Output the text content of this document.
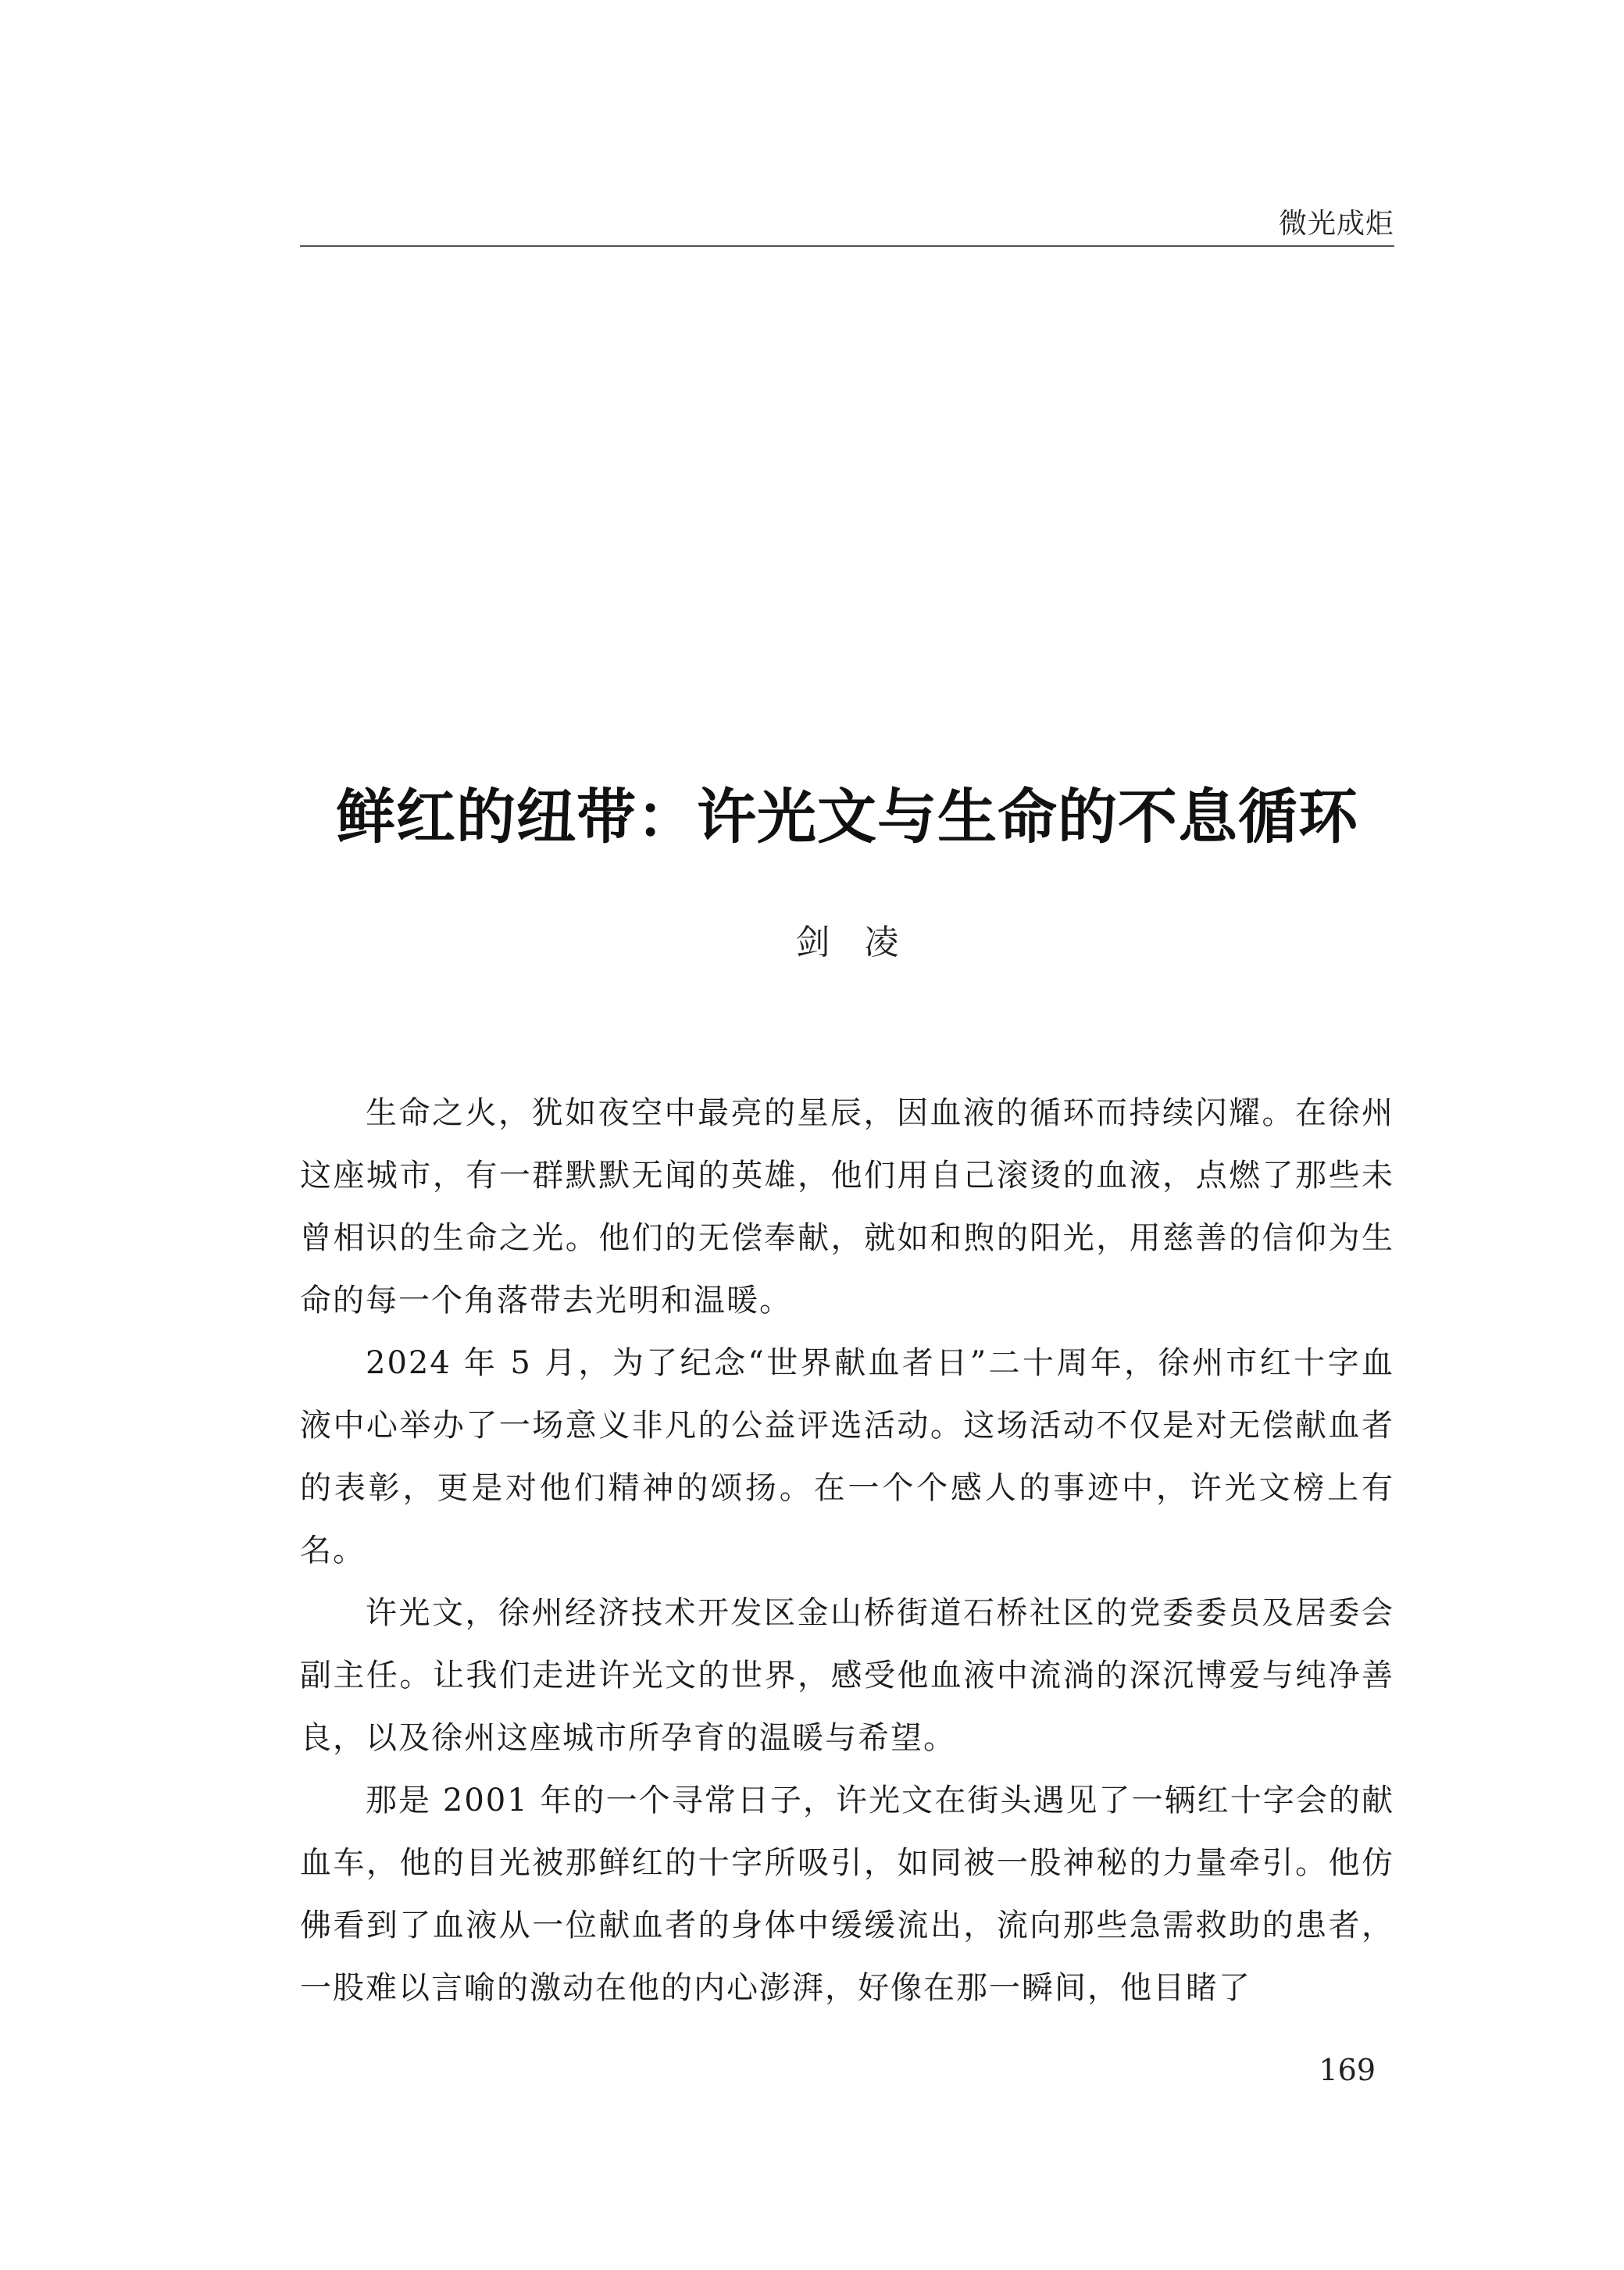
微光成炬
鲜红的纽带：许光文与生命的不息循环
剑凌

生命之火，犹如夜空中最亮的星辰，因血液的循环而持续闪耀。在徐州这座城市，有一群默默无闻的英雄，他们用自己滚烫的血液，点燃了那些未曾相识的生命之光。他们的无偿奉献，就如和煦的阳光，用慈善的信仰为生命的每一个角落带去光明和温暖。

2024 年 5 月，为了纪念“世界献血者日”二十周年，徐州市红十字血液中心举办了一场意义非凡的公益评选活动。这场活动不仅是对无偿献血者的表彰，更是对他们精神的颂扬。在一个个感人的事迹中，许光文榜上有名。

许光文，徐州经济技术开发区金山桥街道石桥社区的党委委员及居委会副主任。让我们走进许光文的世界，感受他血液中流淌的深沉博爱与纯净善良，以及徐州这座城市所孕育的温暖与希望。

那是 2001 年的一个寻常日子，许光文在街头遇见了一辆红十字会的献血车，他的目光被那鲜红的十字所吸引，如同被一股神秘的力量牵引。他仿佛看到了血液从一位献血者的身体中缓缓流出，流向那些急需救助的患者，一股难以言喻的激动在他的内心澎湃，好像在那一瞬间，他目睹了

169
